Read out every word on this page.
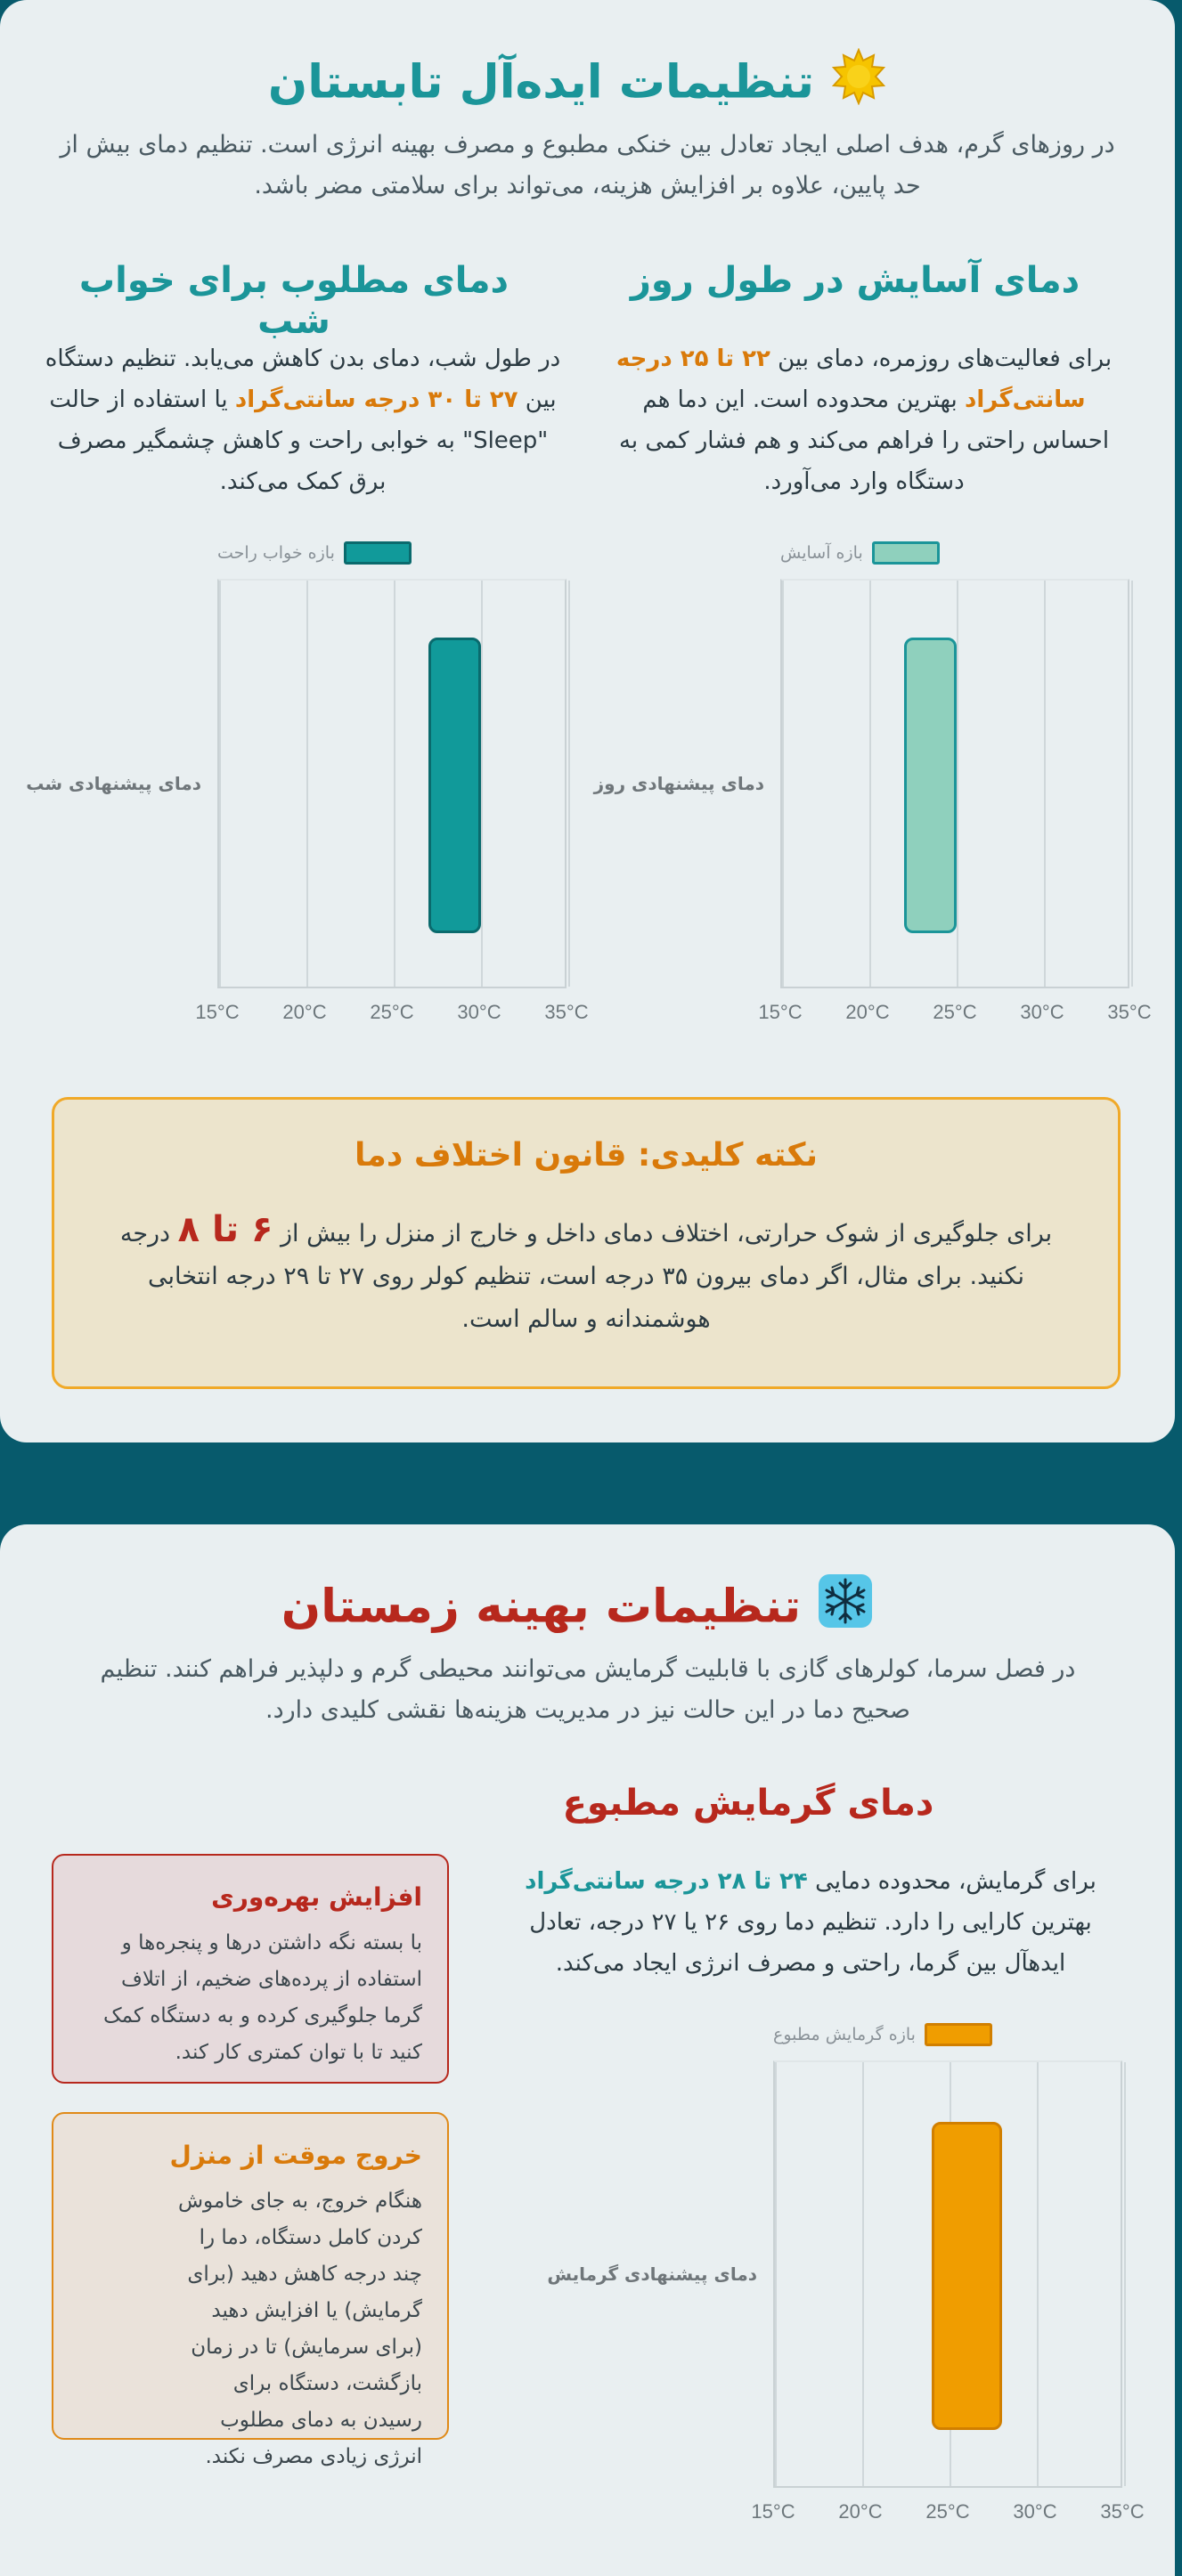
تنظیمات ایده‌آل تابستان
در روزهای گرم، هدف اصلی ایجاد تعادل بین خنکی مطبوع و مصرف بهینه انرژی است. تنظیم دمای بیش از حد پایین، علاوه بر افزایش هزینه، می‌تواند برای سلامتی مضر باشد.
دمای آسایش در طول روز
برای فعالیت‌های روزمره، دمای بین ۲۲ تا ۲۵ درجه سانتی‌گراد بهترین محدوده است. این دما هم احساس راحتی را فراهم می‌کند و هم فشار کمی به دستگاه وارد می‌آورد.
دمای مطلوب برای خواب شب
در طول شب، دمای بدن کاهش می‌یابد. تنظیم دستگاه بین ۲۷ تا ۳۰ درجه سانتی‌گراد یا استفاده از حالت "Sleep" به خوابی راحت و کاهش چشمگیر مصرف برق کمک می‌کند.
بازه آسایش
15°C 20°C 25°C 30°C 35°C
دمای پیشنهادی روز
بازه خواب راحت
15°C 20°C 25°C 30°C 35°C
دمای پیشنهادی شب
نکته کلیدی: قانون اختلاف دما
برای جلوگیری از شوک حرارتی، اختلاف دمای داخل و خارج از منزل را بیش از ۶ تا ۸ درجه نکنید. برای مثال، اگر دمای بیرون ۳۵ درجه است، تنظیم کولر روی ۲۷ تا ۲۹ درجه انتخابی هوشمندانه و سالم است.
تنظیمات بهینه زمستان
در فصل سرما، کولرهای گازی با قابلیت گرمایش می‌توانند محیطی گرم و دلپذیر فراهم کنند. تنظیم صحیح دما در این حالت نیز در مدیریت هزینه‌ها نقشی کلیدی دارد.
دمای گرمایش مطبوع
برای گرمایش، محدوده دمایی ۲۴ تا ۲۸ درجه سانتی‌گراد بهترین کارایی را دارد. تنظیم دما روی ۲۶ یا ۲۷ درجه، تعادل ایدهآل بین گرما، راحتی و مصرف انرژی ایجاد می‌کند.
بازه گرمایش مطبوع
15°C 20°C 25°C 30°C 35°C
دمای پیشنهادی گرمایش
افزایش بهره‌وری
با بسته نگه داشتن درها و پنجره‌ها و استفاده از پرده‌های ضخیم، از اتلاف گرما جلوگیری کرده و به دستگاه کمک کنید تا با توان کمتری کار کند.
خروج موقت از منزل
هنگام خروج، به جای خاموش کردن کامل دستگاه، دما را چند درجه کاهش دهید (برای گرمایش) یا افزایش دهید (برای سرمایش) تا در زمان بازگشت، دستگاه برای رسیدن به دمای مطلوب انرژی زیادی مصرف نکند.
